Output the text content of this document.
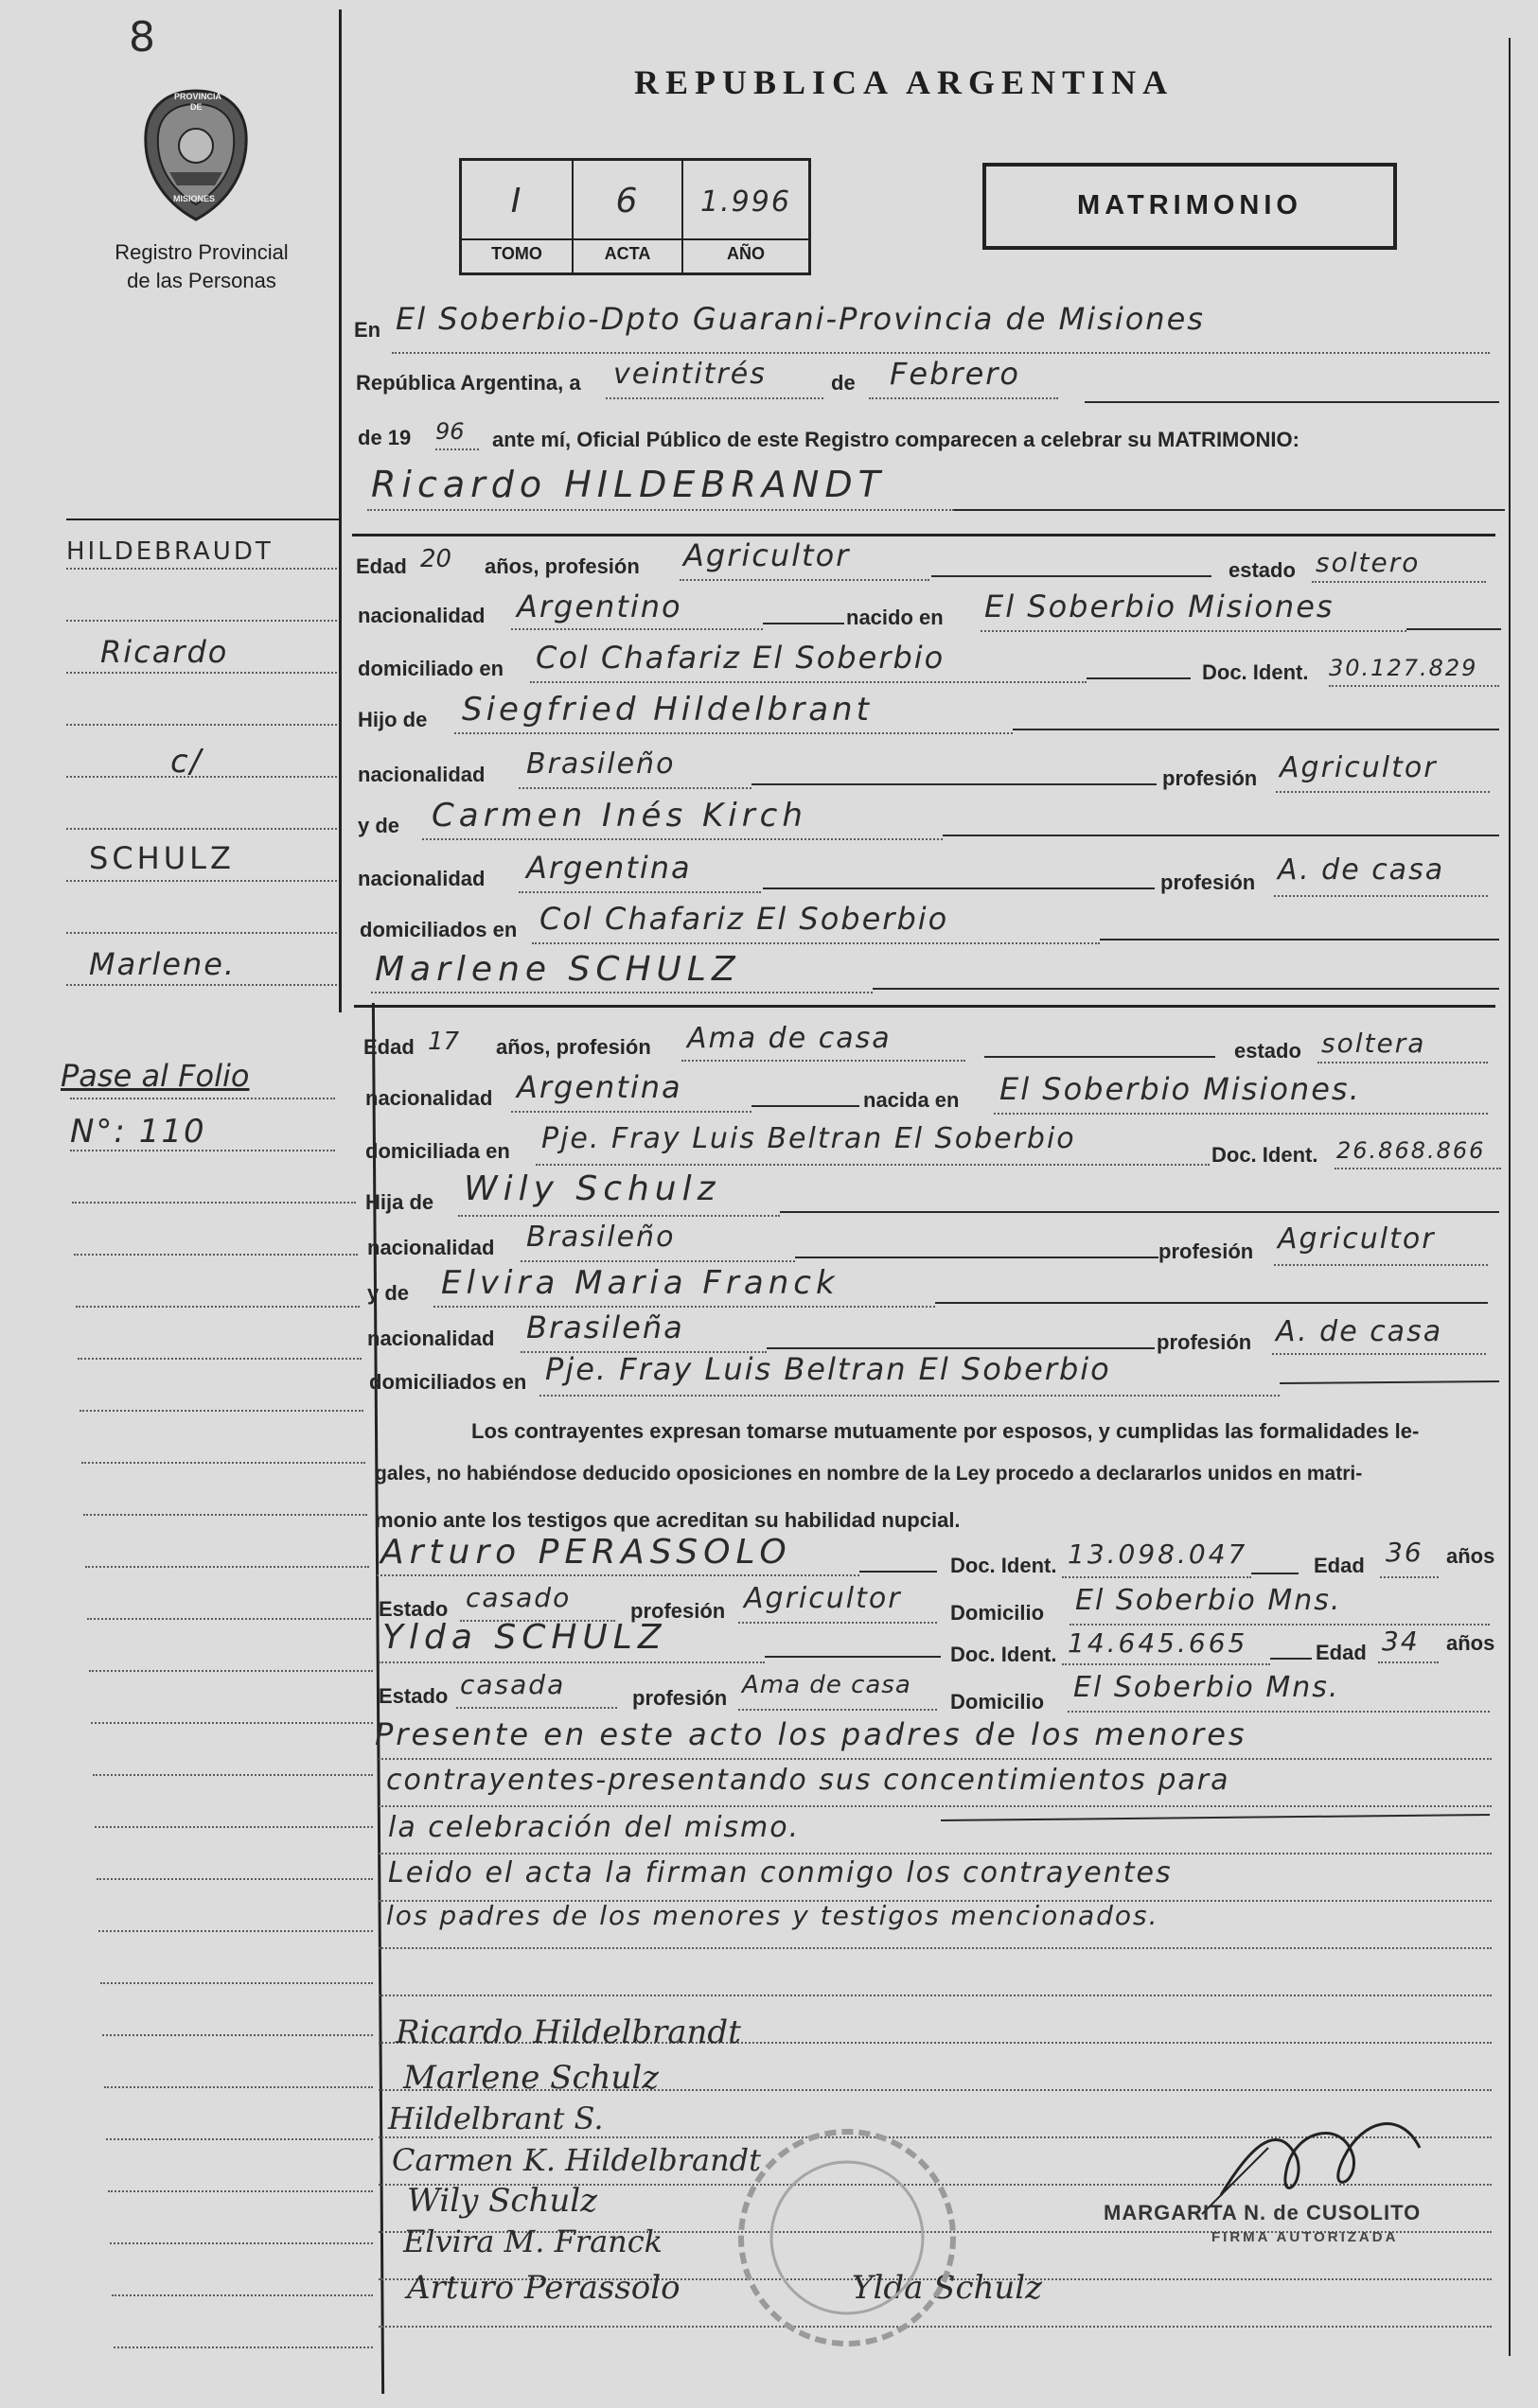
8
PROVINCIA
DE
MISIONES
Registro Provincial
de las Personas
REPUBLICA ARGENTINA
I	6	1.996
TOMO	ACTA	AÑO
MATRIMONIO
HILDEBRAUDT
Ricardo
c/
SCHULZ
Marlene.
Pase al Folio
N°: 110
En El Soberbio-Dpto Guarani-Provincia de Misiones
República Argentina, a veintitrés	de Febrero
de 19 96 ante mí, Oficial Público de este Registro comparecen a celebrar su MATRIMONIO:
Ricardo HILDEBRANDT
Edad 20 años, profesión Agricultor	estado soltero
nacionalidad Argentino	nacido en El Soberbio Misiones
domiciliado en Col Chafariz El Soberbio	Doc. Ident. 30.127.829
Hijo de Siegfried Hildelbrant
nacionalidad Brasileño	profesión Agricultor
y de Carmen Inés Kirch
nacionalidad Argentina	profesión A. de casa
domiciliados en Col Chafariz El Soberbio
Marlene SCHULZ
Edad 17 años, profesión Ama de casa	estado soltera
nacionalidad Argentina	nacida en El Soberbio Misiones.
domiciliada en Pje. Fray Luis Beltran El Soberbio	Doc. Ident. 26.868.866
Hija de Wily Schulz
nacionalidad Brasileño	profesión Agricultor
y de Elvira Maria Franck
nacionalidad Brasileña	profesión A. de casa
domiciliados en Pje. Fray Luis Beltran El Soberbio
Los contrayentes expresan tomarse mutuamente por esposos, y cumplidas las formalidades le-
gales, no habiéndose deducido oposiciones en nombre de la Ley procedo a declararlos unidos en matri-
monio ante los testigos que acreditan su habilidad nupcial.
Arturo PERASSOLO	Doc. Ident. 13.098.047	Edad 36 años
Estado casado	profesión Agricultor Domicilio El Soberbio Mns.
Ylda SCHULZ	Doc. Ident. 14.645.665	Edad 34 años
Estado casada	profesión Ama de casa
Domicilio El Soberbio Mns.
Presente en este acto los padres de los menores
contrayentes-presentando sus concentimientos para
la celebración del mismo.
Leido el acta la firman conmigo los contrayentes
los padres de los menores y testigos mencionados.
Ricardo Hildelbrandt
Marlene Schulz
Hildelbrant S.
Carmen K. Hildelbrandt
Wily Schulz
Elvira M. Franck
Arturo Perassolo	Ylda Schulz
MARGARITA N. de CUSOLITO
FIRMA AUTORIZADA
